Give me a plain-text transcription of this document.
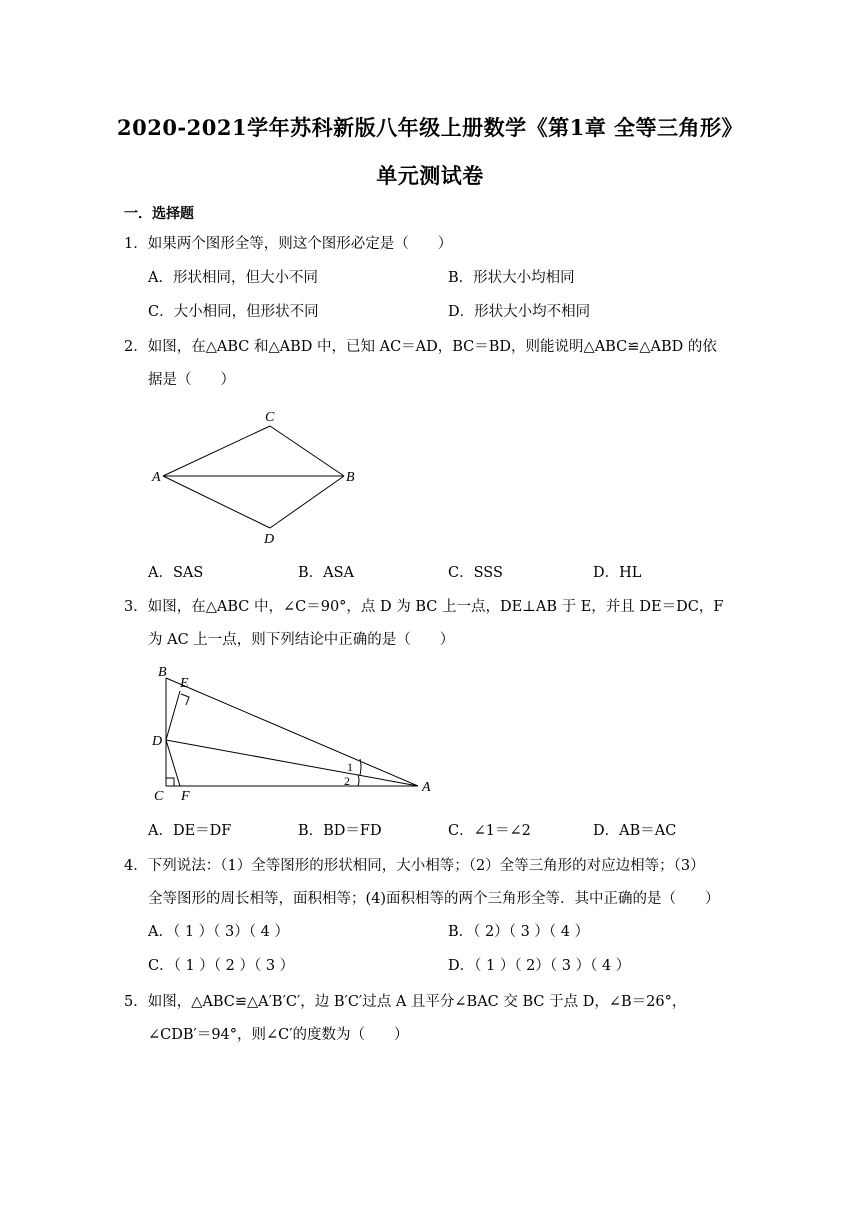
2020-2021学年苏科新版八年级上册数学《第1章 全等三角形》
单元测试卷
一．选择题
1．如果两个图形全等，则这个图形必定是（　　）
A．形状相同，但大小不同	B．形状大小均相同
C．大小相同，但形状不同	D．形状大小均不相同
2．如图，在△ABC 和△ABD 中，已知 AC＝AD，BC＝BD，则能说明△ABC≌△ABD 的依
据是（　　）
C
A	B
D
A．SAS	B．ASA	C．SSS	D．HL
3．如图，在△ABC 中，∠C＝90°，点 D 为 BC 上一点，DE⊥AB 于 E，并且 DE＝DC，F
为 AC 上一点，则下列结论中正确的是（　　）
B
E
D
C F
A
1
2
A．DE＝DF	B．BD＝FD	C．∠1＝∠2	D．AB＝AC
4．下列说法：（1）全等图形的形状相同，大小相等；（2）全等三角形的对应边相等；（3）
全等图形的周长相等，面积相等；(4)面积相等的两个三角形全等．其中正确的是（　　）
A．（ 1 ）（ 3）（ 4 ）	B．（ 2）（ 3 ）（ 4 ）
C．（ 1 ）（ 2 ）（ 3 ）	D．（ 1 ）（ 2）（ 3 ）（ 4 ）
5．如图，△ABC≌△A′B′C′，边 B′C′过点 A 且平分∠BAC 交 BC 于点 D，∠B＝26°，
∠CDB′＝94°，则∠C′的度数为（　　）
